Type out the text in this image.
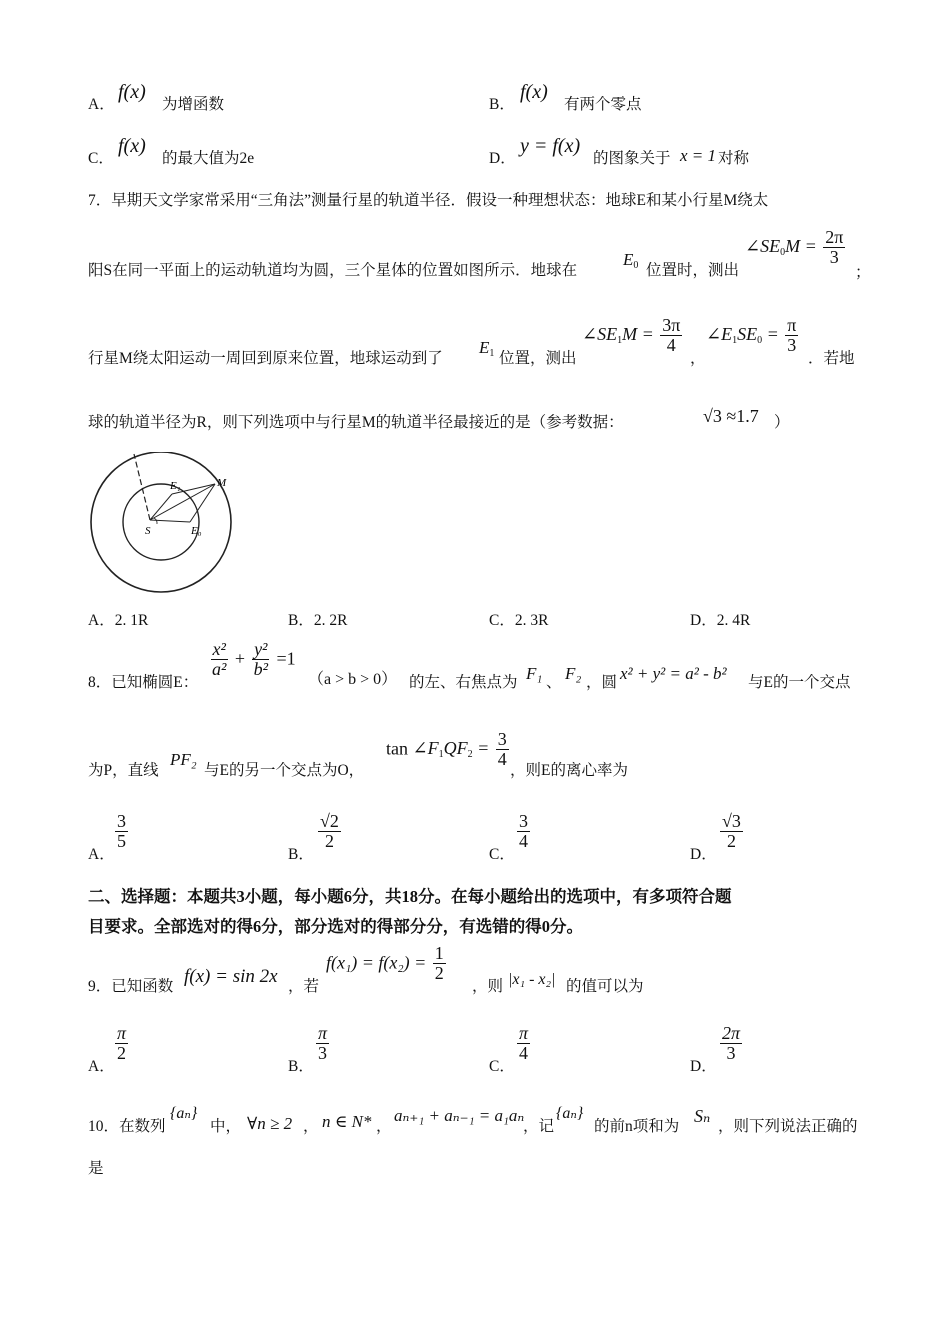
A．
f(x)
为增函数	B．
f(x)
有两个零点
C．
f(x)
的最大值为2e	D．
y = f(x)
的图象关于 x = 1 对称
7．早期天文学家常采用“三角法”测量行星的轨道半径．假设一种理想状态：地球E和某小行星M绕太
阳S在同一平面上的运动轨道均为圆，三个星体的位置如图所示．地球在
$E_0$ 位置时，测出
$\angle SE_0M = \frac{2\pi}{3}$
；
行星M绕太阳运动一周回到原来位置，地球运动到了
$E_1$ 位置，测出
$\angle SE_1M = \frac{3\pi}{4}$
，
$\angle E_1SE_0 = \frac{\pi}{3}$
．若地
球的轨道半径为R，则下列选项中与行星M的轨道半径最接近的是（参考数据：	√3 ≈1.7 ）
E₁	M
S	E₀
A．2. 1R	B．2. 2R	C．2. 3R	D．2. 4R
8．已知椭圆E：
$\frac{\text{x²}}{\text{a²}} + \frac{\text{y²}}{\text{b²}} =1$
（a > b > 0） 的左、右焦点为 F₁ 、 F₂ ，圆 x² + y² = a² - b² 与E的一个交点
为P，直线
PF₂
与E的另一个交点为O，
$\tan \angle F_1QF_2 = \frac{3}{4}$
，则E的离心率为
A．
$\frac{3}{5}$
B．
$\frac{√2}{2}$
C．
$\frac{3}{4}$
D．
$\frac{√3}{2}$
二、选择题：本题共3小题，每小题6分，共18分。在每小题给出的选项中，有多项符合题
目要求。全部选对的得6分，部分选对的得部分分，有选错的得0分。
9．已知函数 f(x) = sin 2x ，若
$f(x_1) = f(x_2) = \frac{1}{2}$
，则 |x₁ - x₂| 的值可以为
A．
$\frac{\pi}{2}$
B．
$\frac{\pi}{3}$
C．
$\frac{\pi}{4}$
D．
$\frac{2\pi}{3}$
10．在数列
{aₙ}
中， ∀n ≥ 2 ， n ∈ N* ，
aₙ₊₁ + aₙ₋₁ = a₁aₙ
，记
{aₙ}
的前n项和为
Sₙ
，则下列说法正确的
是
